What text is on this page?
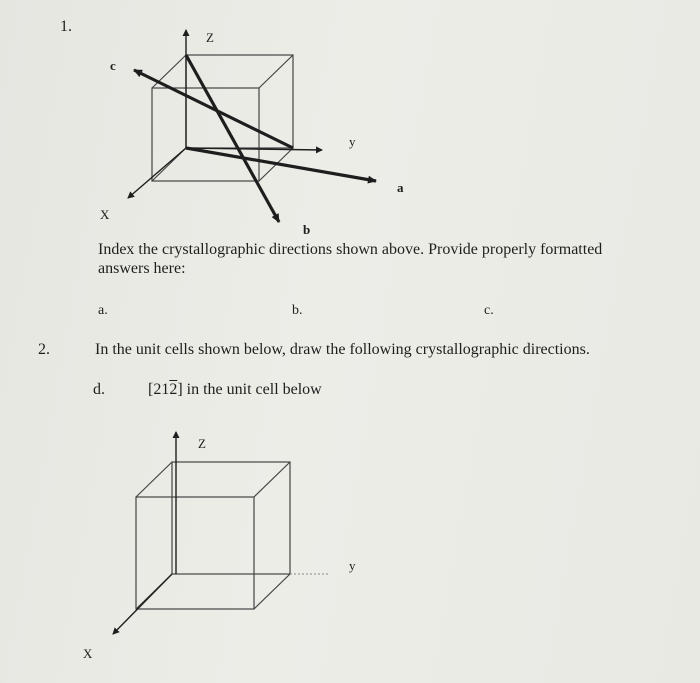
1.
Z
y
X
c
a
b
Index the crystallographic directions shown above. Provide properly formatted
answers here:
a.	b.	c.
2.	In the unit cells shown below, draw the following crystallographic directions.
d.	[212] in the unit cell below
Z
y
X
